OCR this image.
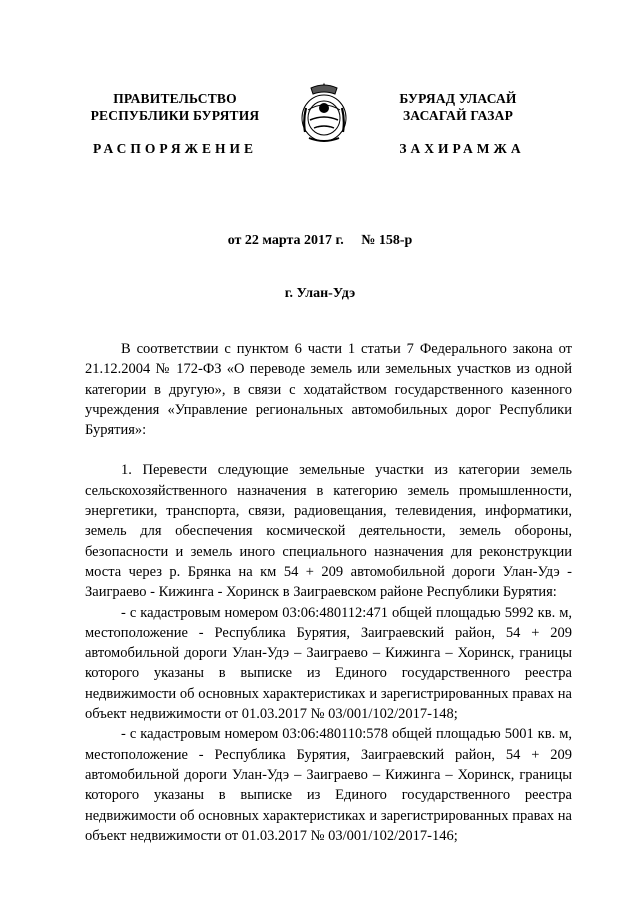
ПРАВИТЕЛЬСТВО
РЕСПУБЛИКИ БУРЯТИЯ
БУРЯАД УЛАСАЙ
ЗАСАГАЙ ГАЗАР
РАСПОРЯЖЕНИЕ	ЗАХИРАМЖА
от 22 марта 2017 г. № 158-р
г. Улан-Удэ

В соответствии с пунктом 6 части 1 статьи 7 Федерального закона от 21.12.2004 № 172-ФЗ «О переводе земель или земельных участков из одной категории в другую», в связи с ходатайством государственного казенного учреждения «Управление региональных автомобильных дорог Республики Бурятия»:

1. Перевести следующие земельные участки из категории земель сельскохозяйственного назначения в категорию земель промышленности, энергетики, транспорта, связи, радиовещания, телевидения, информатики, земель для обеспечения космической деятельности, земель обороны, безопасности и земель иного специального назначения для реконструкции моста через р. Брянка на км 54 + 209 автомобильной дороги Улан-Удэ - Заиграево - Кижинга - Хоринск в Заиграевском районе Республики Бурятия:

- с кадастровым номером 03:06:480112:471 общей площадью 5992 кв. м, местоположение - Республика Бурятия, Заиграевский район, 54 + 209 автомобильной дороги Улан-Удэ – Заиграево – Кижинга – Хоринск, границы которого указаны в выписке из Единого государственного реестра недвижимости об основных характеристиках и зарегистрированных правах на объект недвижимости от 01.03.2017 № 03/001/102/2017-148;

- с кадастровым номером 03:06:480110:578 общей площадью 5001 кв. м, местоположение - Республика Бурятия, Заиграевский район, 54 + 209 автомобильной дороги Улан-Удэ – Заиграево – Кижинга – Хоринск, границы которого указаны в выписке из Единого государственного реестра недвижимости об основных характеристиках и зарегистрированных правах на объект недвижимости от 01.03.2017 № 03/001/102/2017-146;
